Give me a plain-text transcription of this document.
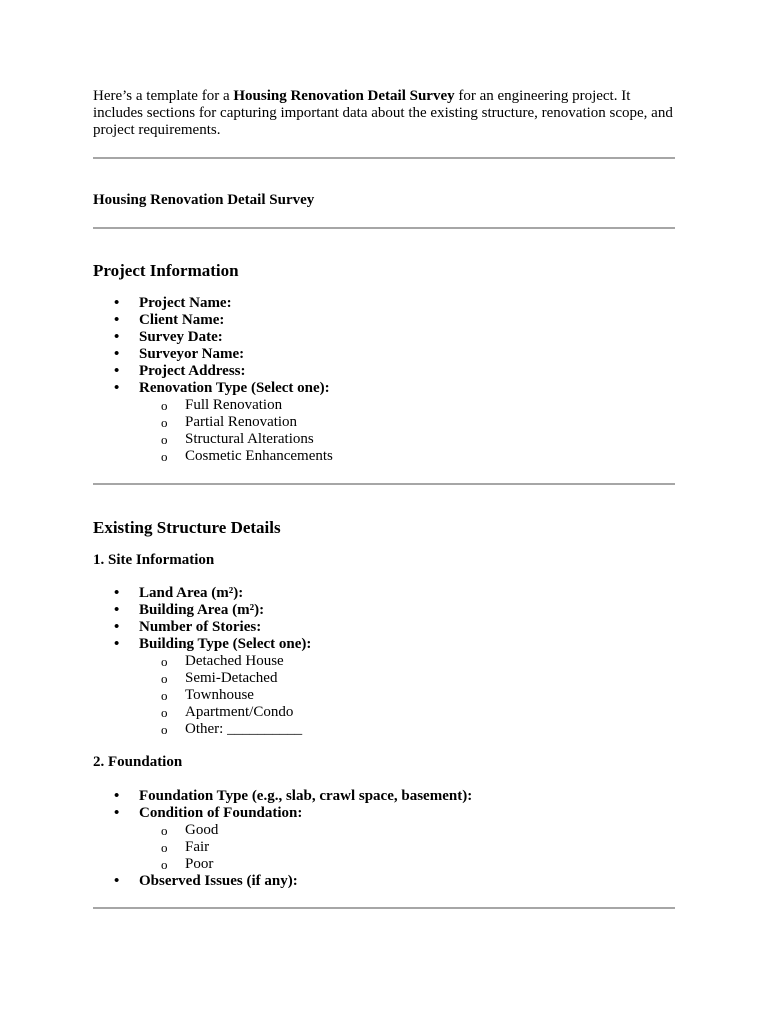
Here’s a template for a Housing Renovation Detail Survey for an engineering project. It includes sections for capturing important data about the existing structure, renovation scope, and project requirements.

Housing Renovation Detail Survey

Project Information
• Project Name:
• Client Name:
• Survey Date:
• Surveyor Name:
• Project Address:
• Renovation Type (Select one):
o Full Renovation
o Partial Renovation
o Structural Alterations
o Cosmetic Enhancements
Existing Structure Details
1. Site Information
• Land Area (m²):
• Building Area (m²):
• Number of Stories:
• Building Type (Select one):
o Detached House
o Semi-Detached
o Townhouse
o Apartment/Condo
o Other: __________
2. Foundation
• Foundation Type (e.g., slab, crawl space, basement):
• Condition of Foundation:
o Good
o Fair
o Poor
• Observed Issues (if any):
